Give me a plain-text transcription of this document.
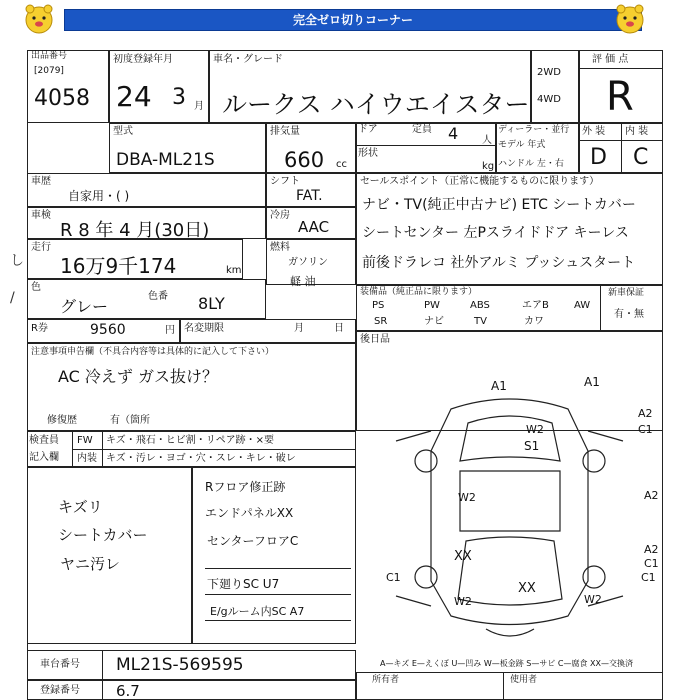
完全ゼロ切りコーナー
出品番号
[2079]
4058
初度登録年月
24 3 月
車名・グレード
ルークス ハイウエイスター
2WD
4WD
評 価 点
R
型式
DBA-ML21S
排気量
660 cc
ドア	定員 4 人
形状
kg
ディーラー・並行
モデル 年式
ハンドル 左・右
外 装 内 装
D C
車歴
自家用・( )
シフト
FAT.
セールスポイント（正常に機能するものに限ります）
ナビ・TV(純正中古ナビ) ETC シートカバー
シートセンター 左Pスライドドア キーレス
前後ドラレコ 社外アルミ プッシュスタート
車検
R 8 年 4 月(30日)
冷房
AAC
走行
16万9千174	km
燃料
ガソリン
軽 油
色
グレー
色番 8LY
装備品（純正品に限ります）
PS	PW	ABS	エアB	AW
SR	ナビ	TV	カワ
新車保証
有・無
R券	9560	円 名変期限	月	日
後日品
注意事項申告欄（不具合内容等は具体的に記入して下さい）
AC 冷えず ガス抜け？
修復歴	有（箇所
検査員
記入欄
FW キズ・飛石・ヒビ割・リペア跡・×要
内装 キズ・汚レ・ヨゴ・穴・スレ・キレ・破レ
キズリ
シートカバー
ヤニ汚レ
Rフロア修正跡
エンドパネルXX
センターフロアC
下廻りSC U7
E/gルーム内SC A7
A1	A1
A2
C1
W2
S1
W2	A2
XX	A2
C1
C1
XX
W2	W2
C1
A—キズ E—えくぼ U—凹み W—板金跡 S—サビ C—腐食 XX—交換済
車台番号 ML21S-569595
登録番号 6.7
所有者	使用者
し
/
